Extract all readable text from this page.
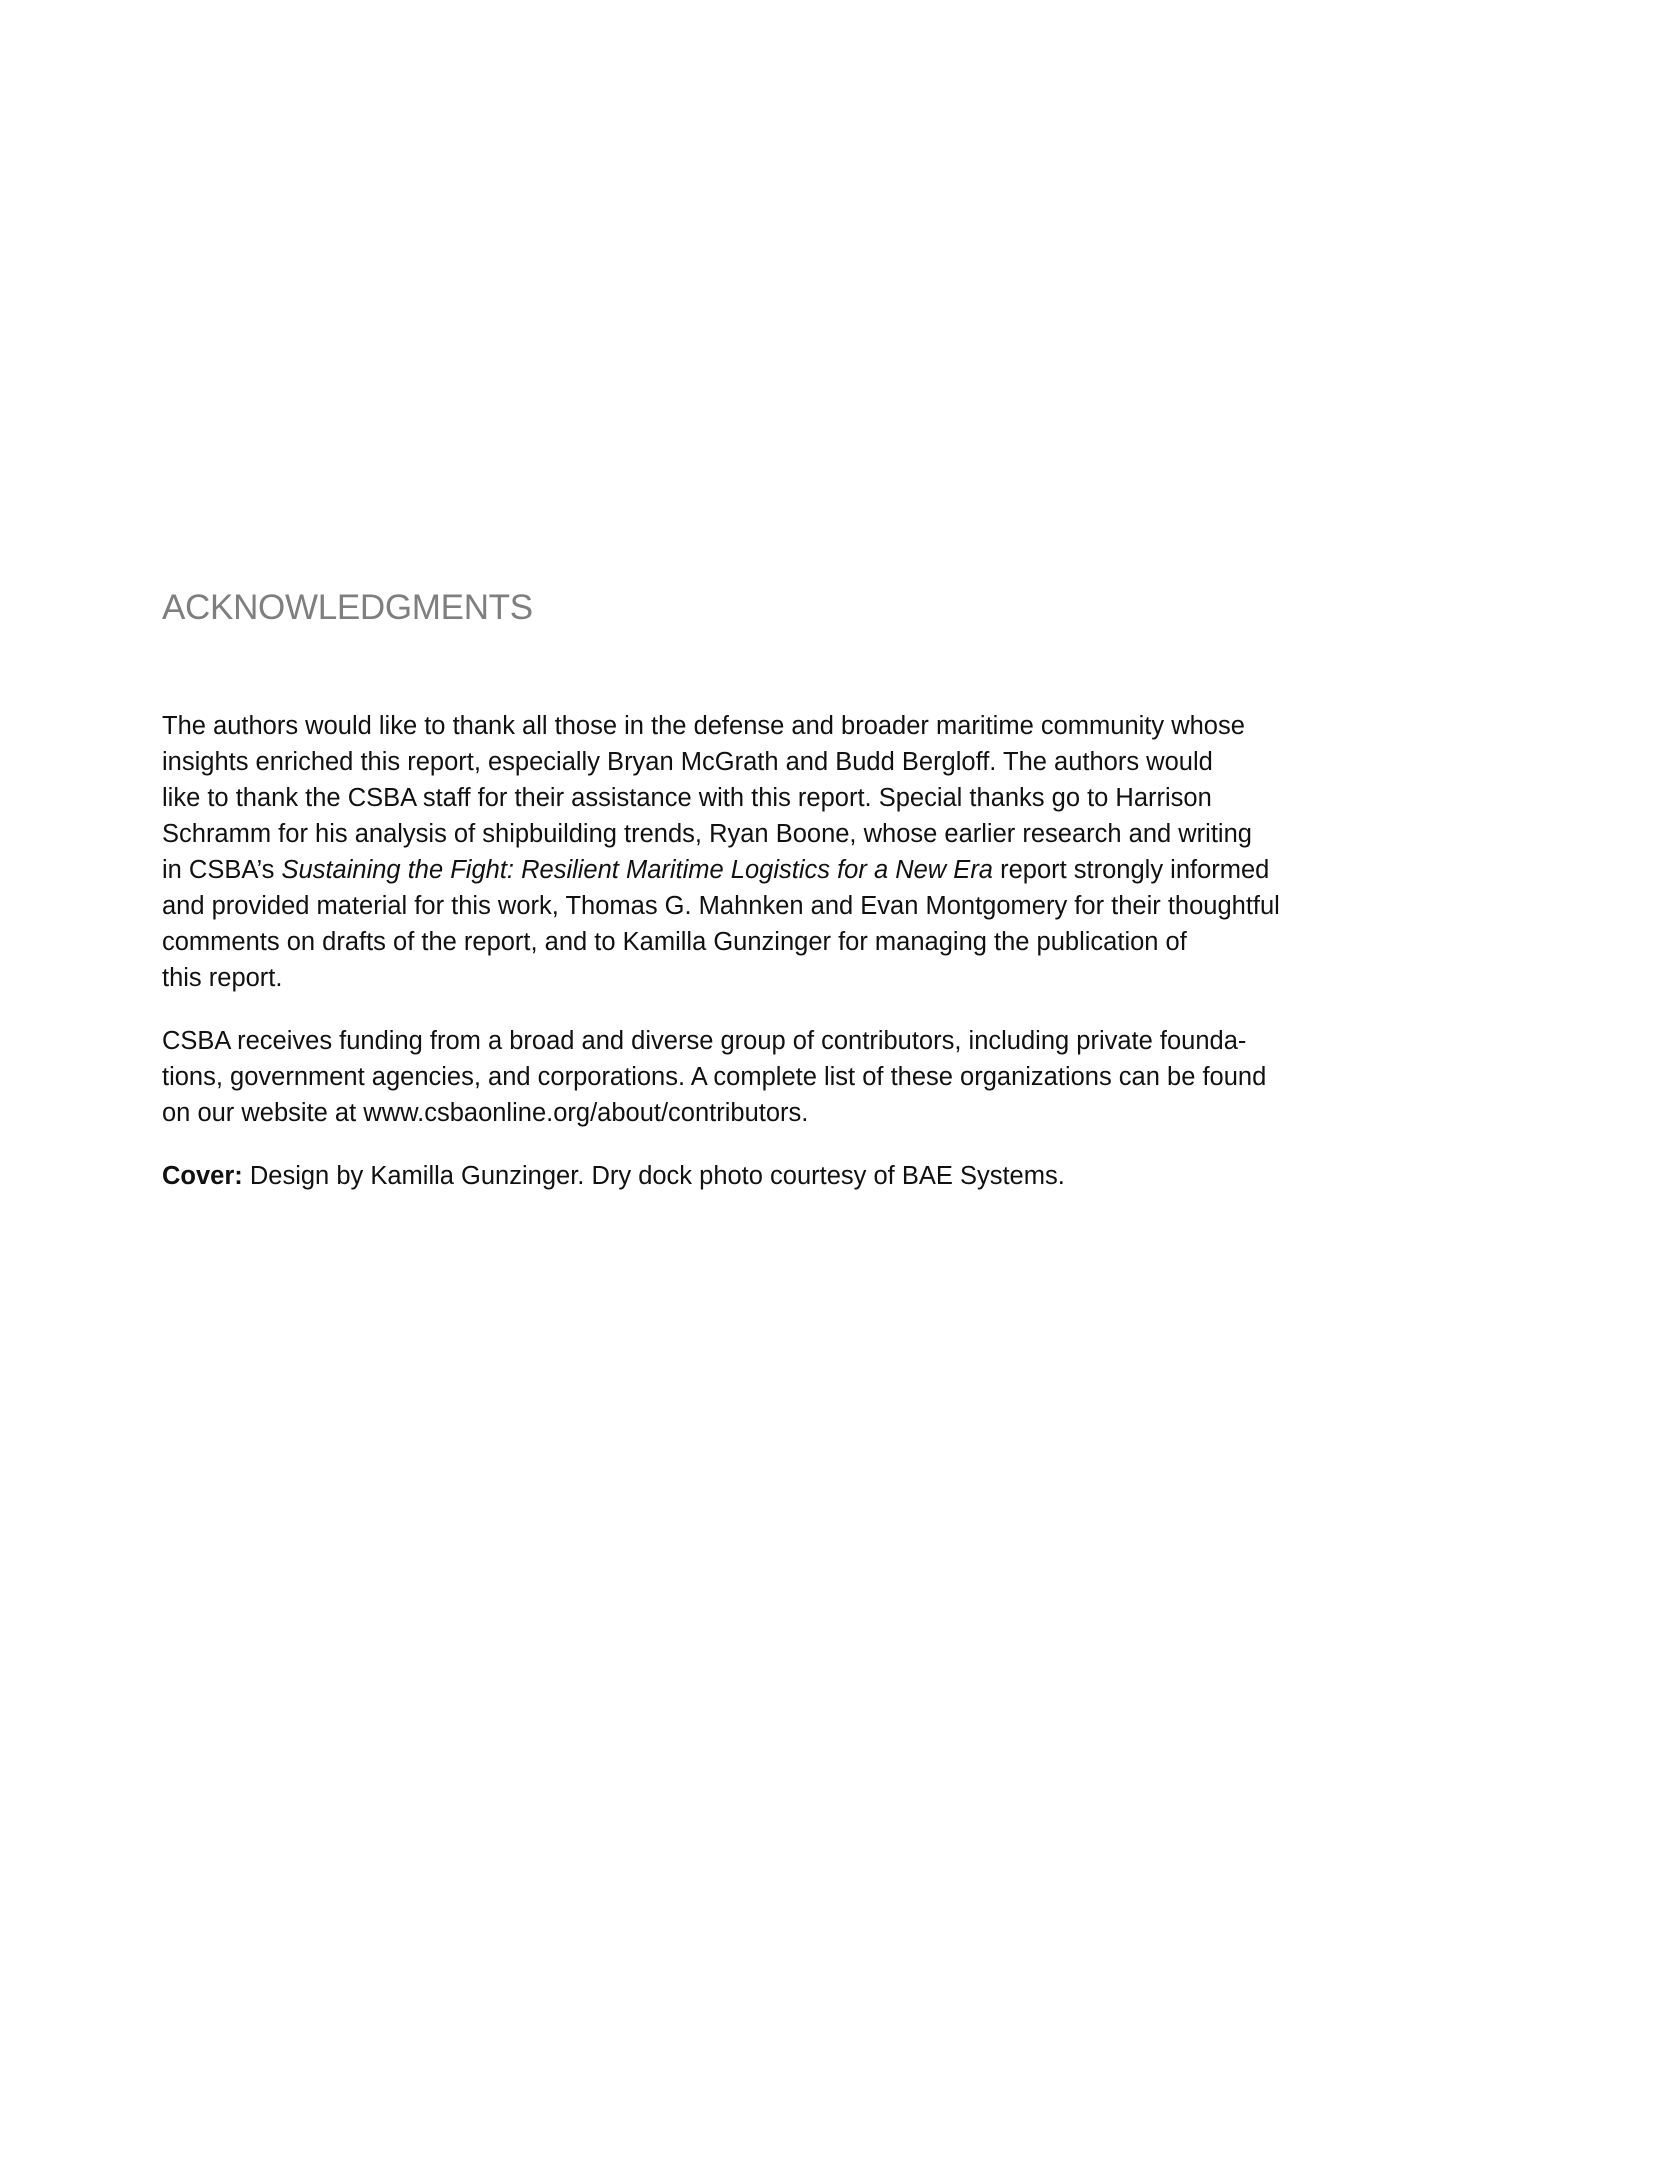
ACKNOWLEDGMENTS

The authors would like to thank all those in the defense and broader maritime community whose
insights enriched this report, especially Bryan McGrath and Budd Bergloff. The authors would
like to thank the CSBA staff for their assistance with this report. Special thanks go to Harrison
Schramm for his analysis of shipbuilding trends, Ryan Boone, whose earlier research and writing
in CSBA’s Sustaining the Fight: Resilient Maritime Logistics for a New Era report strongly informed
and provided material for this work, Thomas G. Mahnken and Evan Montgomery for their thoughtful
comments on drafts of the report, and to Kamilla Gunzinger for managing the publication of
this report.

CSBA receives funding from a broad and diverse group of contributors, including private founda-
tions, government agencies, and corporations. A complete list of these organizations can be found
on our website at www.csbaonline.org/about/contributors.

Cover: Design by Kamilla Gunzinger. Dry dock photo courtesy of BAE Systems.
